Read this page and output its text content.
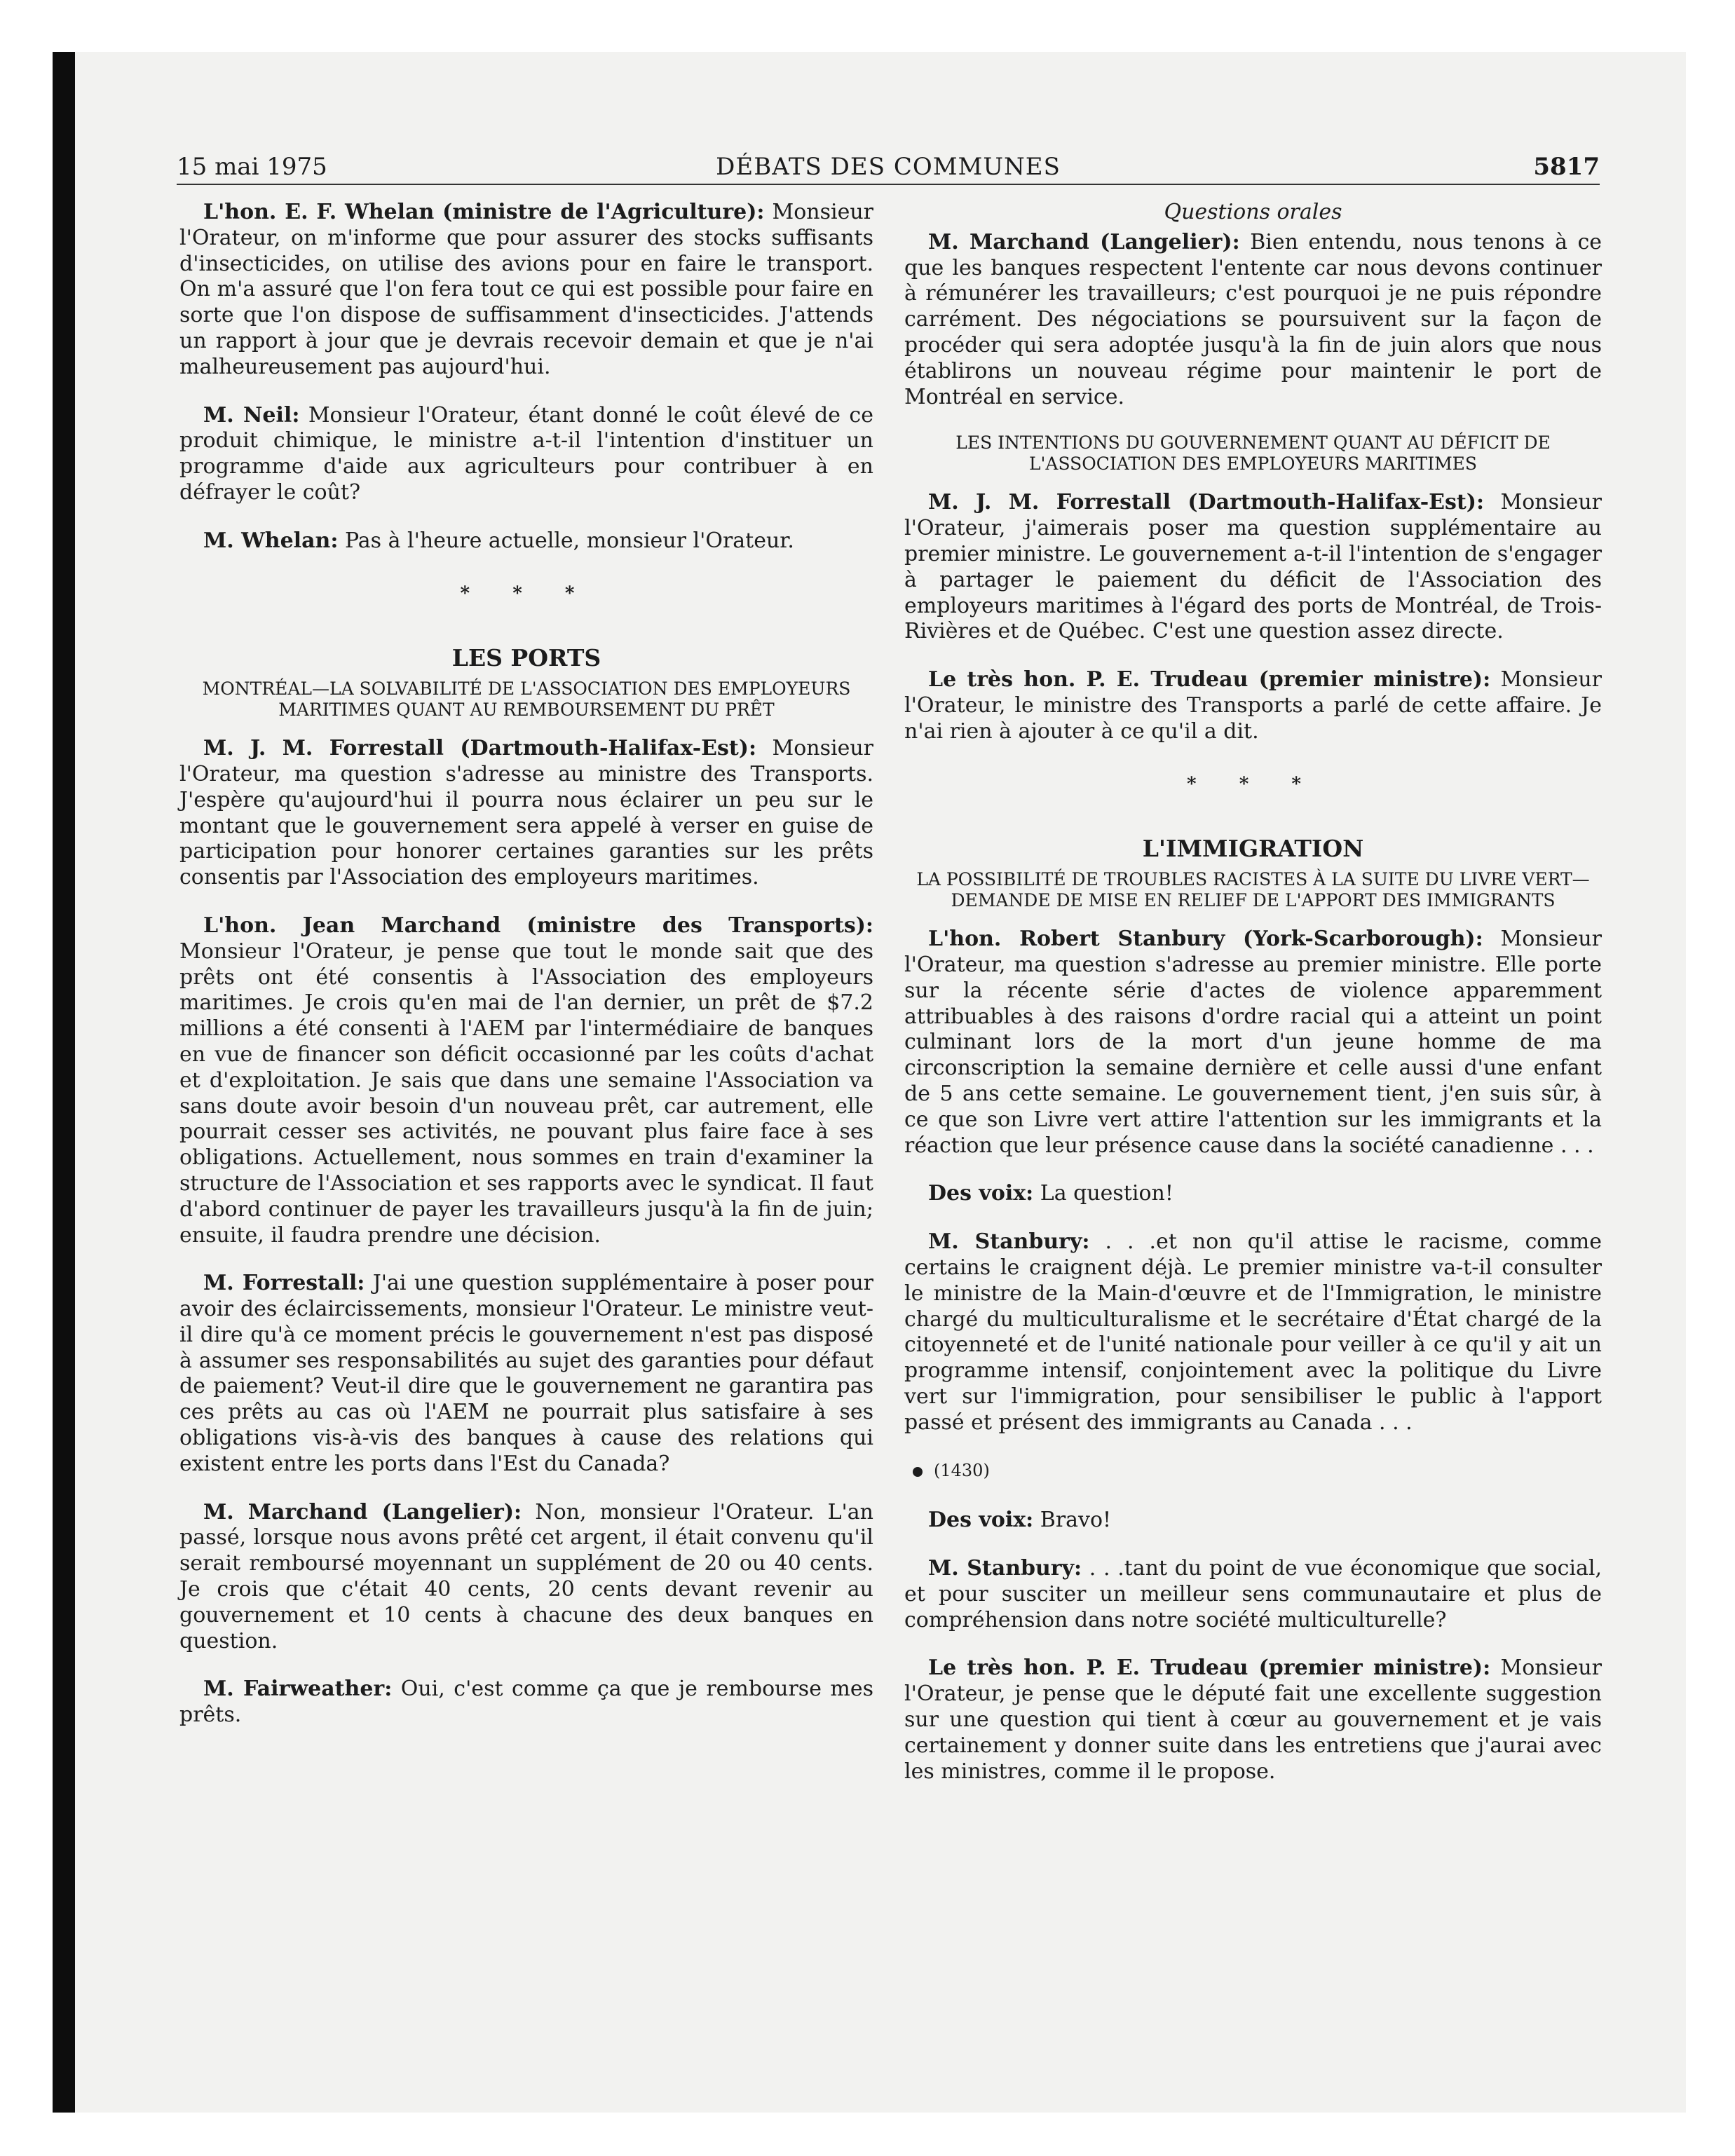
15 mai 1975	DÉBATS DES COMMUNES	5817

L'hon. E. F. Whelan (ministre de l'Agriculture): Monsieur l'Orateur, on m'informe que pour assurer des stocks suffisants d'insecticides, on utilise des avions pour en faire le transport. On m'a assuré que l'on fera tout ce qui est possible pour faire en sorte que l'on dispose de suffisamment d'insecticides. J'attends un rapport à jour que je devrais recevoir demain et que je n'ai malheureusement pas aujourd'hui.

M. Neil: Monsieur l'Orateur, étant donné le coût élevé de ce produit chimique, le ministre a-t-il l'intention d'instituer un programme d'aide aux agriculteurs pour contribuer à en défrayer le coût?

M. Whelan: Pas à l'heure actuelle, monsieur l'Orateur.

* * *
LES PORTS
MONTRÉAL—LA SOLVABILITÉ DE L'ASSOCIATION DES EMPLOYEURS MARITIMES QUANT AU REMBOURSEMENT DU PRÊT

M. J. M. Forrestall (Dartmouth-Halifax-Est): Monsieur l'Orateur, ma question s'adresse au ministre des Transports. J'espère qu'aujourd'hui il pourra nous éclairer un peu sur le montant que le gouvernement sera appelé à verser en guise de participation pour honorer certaines garanties sur les prêts consentis par l'Association des employeurs maritimes.

L'hon. Jean Marchand (ministre des Transports): Monsieur l'Orateur, je pense que tout le monde sait que des prêts ont été consentis à l'Association des employeurs maritimes. Je crois qu'en mai de l'an dernier, un prêt de $7.2 millions a été consenti à l'AEM par l'intermédiaire de banques en vue de financer son déficit occasionné par les coûts d'achat et d'exploitation. Je sais que dans une semaine l'Association va sans doute avoir besoin d'un nouveau prêt, car autrement, elle pourrait cesser ses activités, ne pouvant plus faire face à ses obligations. Actuellement, nous sommes en train d'examiner la structure de l'Association et ses rapports avec le syndicat. Il faut d'abord continuer de payer les travailleurs jusqu'à la fin de juin; ensuite, il faudra prendre une décision.

M. Forrestall: J'ai une question supplémentaire à poser pour avoir des éclaircissements, monsieur l'Orateur. Le ministre veut-il dire qu'à ce moment précis le gouvernement n'est pas disposé à assumer ses responsabilités au sujet des garanties pour défaut de paiement? Veut-il dire que le gouvernement ne garantira pas ces prêts au cas où l'AEM ne pourrait plus satisfaire à ses obligations vis-à-vis des banques à cause des relations qui existent entre les ports dans l'Est du Canada?

M. Marchand (Langelier): Non, monsieur l'Orateur. L'an passé, lorsque nous avons prêté cet argent, il était convenu qu'il serait remboursé moyennant un supplément de 20 ou 40 cents. Je crois que c'était 40 cents, 20 cents devant revenir au gouvernement et 10 cents à chacune des deux banques en question.

M. Fairweather: Oui, c'est comme ça que je rembourse mes prêts.

Questions orales

M. Marchand (Langelier): Bien entendu, nous tenons à ce que les banques respectent l'entente car nous devons continuer à rémunérer les travailleurs; c'est pourquoi je ne puis répondre carrément. Des négociations se poursuivent sur la façon de procéder qui sera adoptée jusqu'à la fin de juin alors que nous établirons un nouveau régime pour maintenir le port de Montréal en service.

LES INTENTIONS DU GOUVERNEMENT QUANT AU DÉFICIT DE L'ASSOCIATION DES EMPLOYEURS MARITIMES

M. J. M. Forrestall (Dartmouth-Halifax-Est): Monsieur l'Orateur, j'aimerais poser ma question supplémentaire au premier ministre. Le gouvernement a-t-il l'intention de s'engager à partager le paiement du déficit de l'Association des employeurs maritimes à l'égard des ports de Montréal, de Trois-Rivières et de Québec. C'est une question assez directe.

Le très hon. P. E. Trudeau (premier ministre): Monsieur l'Orateur, le ministre des Transports a parlé de cette affaire. Je n'ai rien à ajouter à ce qu'il a dit.

* * *
L'IMMIGRATION
LA POSSIBILITÉ DE TROUBLES RACISTES À LA SUITE DU LIVRE VERT—DEMANDE DE MISE EN RELIEF DE L'APPORT DES IMMIGRANTS

L'hon. Robert Stanbury (York-Scarborough): Monsieur l'Orateur, ma question s'adresse au premier ministre. Elle porte sur la récente série d'actes de violence apparemment attribuables à des raisons d'ordre racial qui a atteint un point culminant lors de la mort d'un jeune homme de ma circonscription la semaine dernière et celle aussi d'une enfant de 5 ans cette semaine. Le gouvernement tient, j'en suis sûr, à ce que son Livre vert attire l'attention sur les immigrants et la réaction que leur présence cause dans la société canadienne . . .

Des voix: La question!

M. Stanbury: . . .et non qu'il attise le racisme, comme certains le craignent déjà. Le premier ministre va-t-il consulter le ministre de la Main-d'œuvre et de l'Immigration, le ministre chargé du multiculturalisme et le secrétaire d'État chargé de la citoyenneté et de l'unité nationale pour veiller à ce qu'il y ait un programme intensif, conjointement avec la politique du Livre vert sur l'immigration, pour sensibiliser le public à l'apport passé et présent des immigrants au Canada . . .

(1430)

Des voix: Bravo!

M. Stanbury: . . .tant du point de vue économique que social, et pour susciter un meilleur sens communautaire et plus de compréhension dans notre société multiculturelle?

Le très hon. P. E. Trudeau (premier ministre): Monsieur l'Orateur, je pense que le député fait une excellente suggestion sur une question qui tient à cœur au gouvernement et je vais certainement y donner suite dans les entretiens que j'aurai avec les ministres, comme il le propose.
